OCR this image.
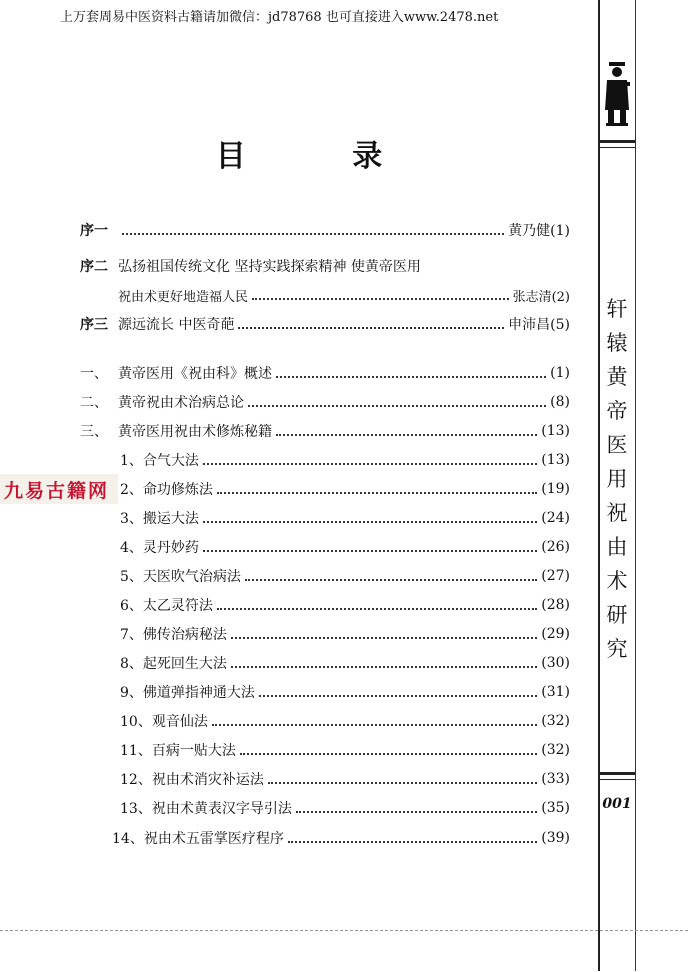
上万套周易中医资料古籍请加微信：jd78768 也可直接进入www.2478.net
目 录
序一	黄乃健(1)
序二 弘扬祖国传统文化 坚持实践探索精神 使黄帝医用
祝由术更好地造福人民	张志清(2)
序三 源远流长 中医奇葩	申沛昌(5)
一、 黄帝医用《祝由科》概述	(1)
二、 黄帝祝由术治病总论	(8)
三、 黄帝医用祝由术修炼秘籍	(13)
1、合气大法	(13)
2、命功修炼法	(19)
3、搬运大法	(24)
4、灵丹妙药	(26)
5、天医吹气治病法	(27)
6、太乙灵符法	(28)
7、佛传治病秘法	(29)
8、起死回生大法	(30)
9、佛道弹指神通大法	(31)
10、观音仙法	(32)
11、百病一贴大法	(32)
12、祝由术消灾补运法	(33)
13、祝由术黄表汉字导引法	(35)
14、祝由术五雷掌医疗程序	(39)
轩
辕
黄
帝
医
用
祝
由
术
研
究
001
九易古籍网
